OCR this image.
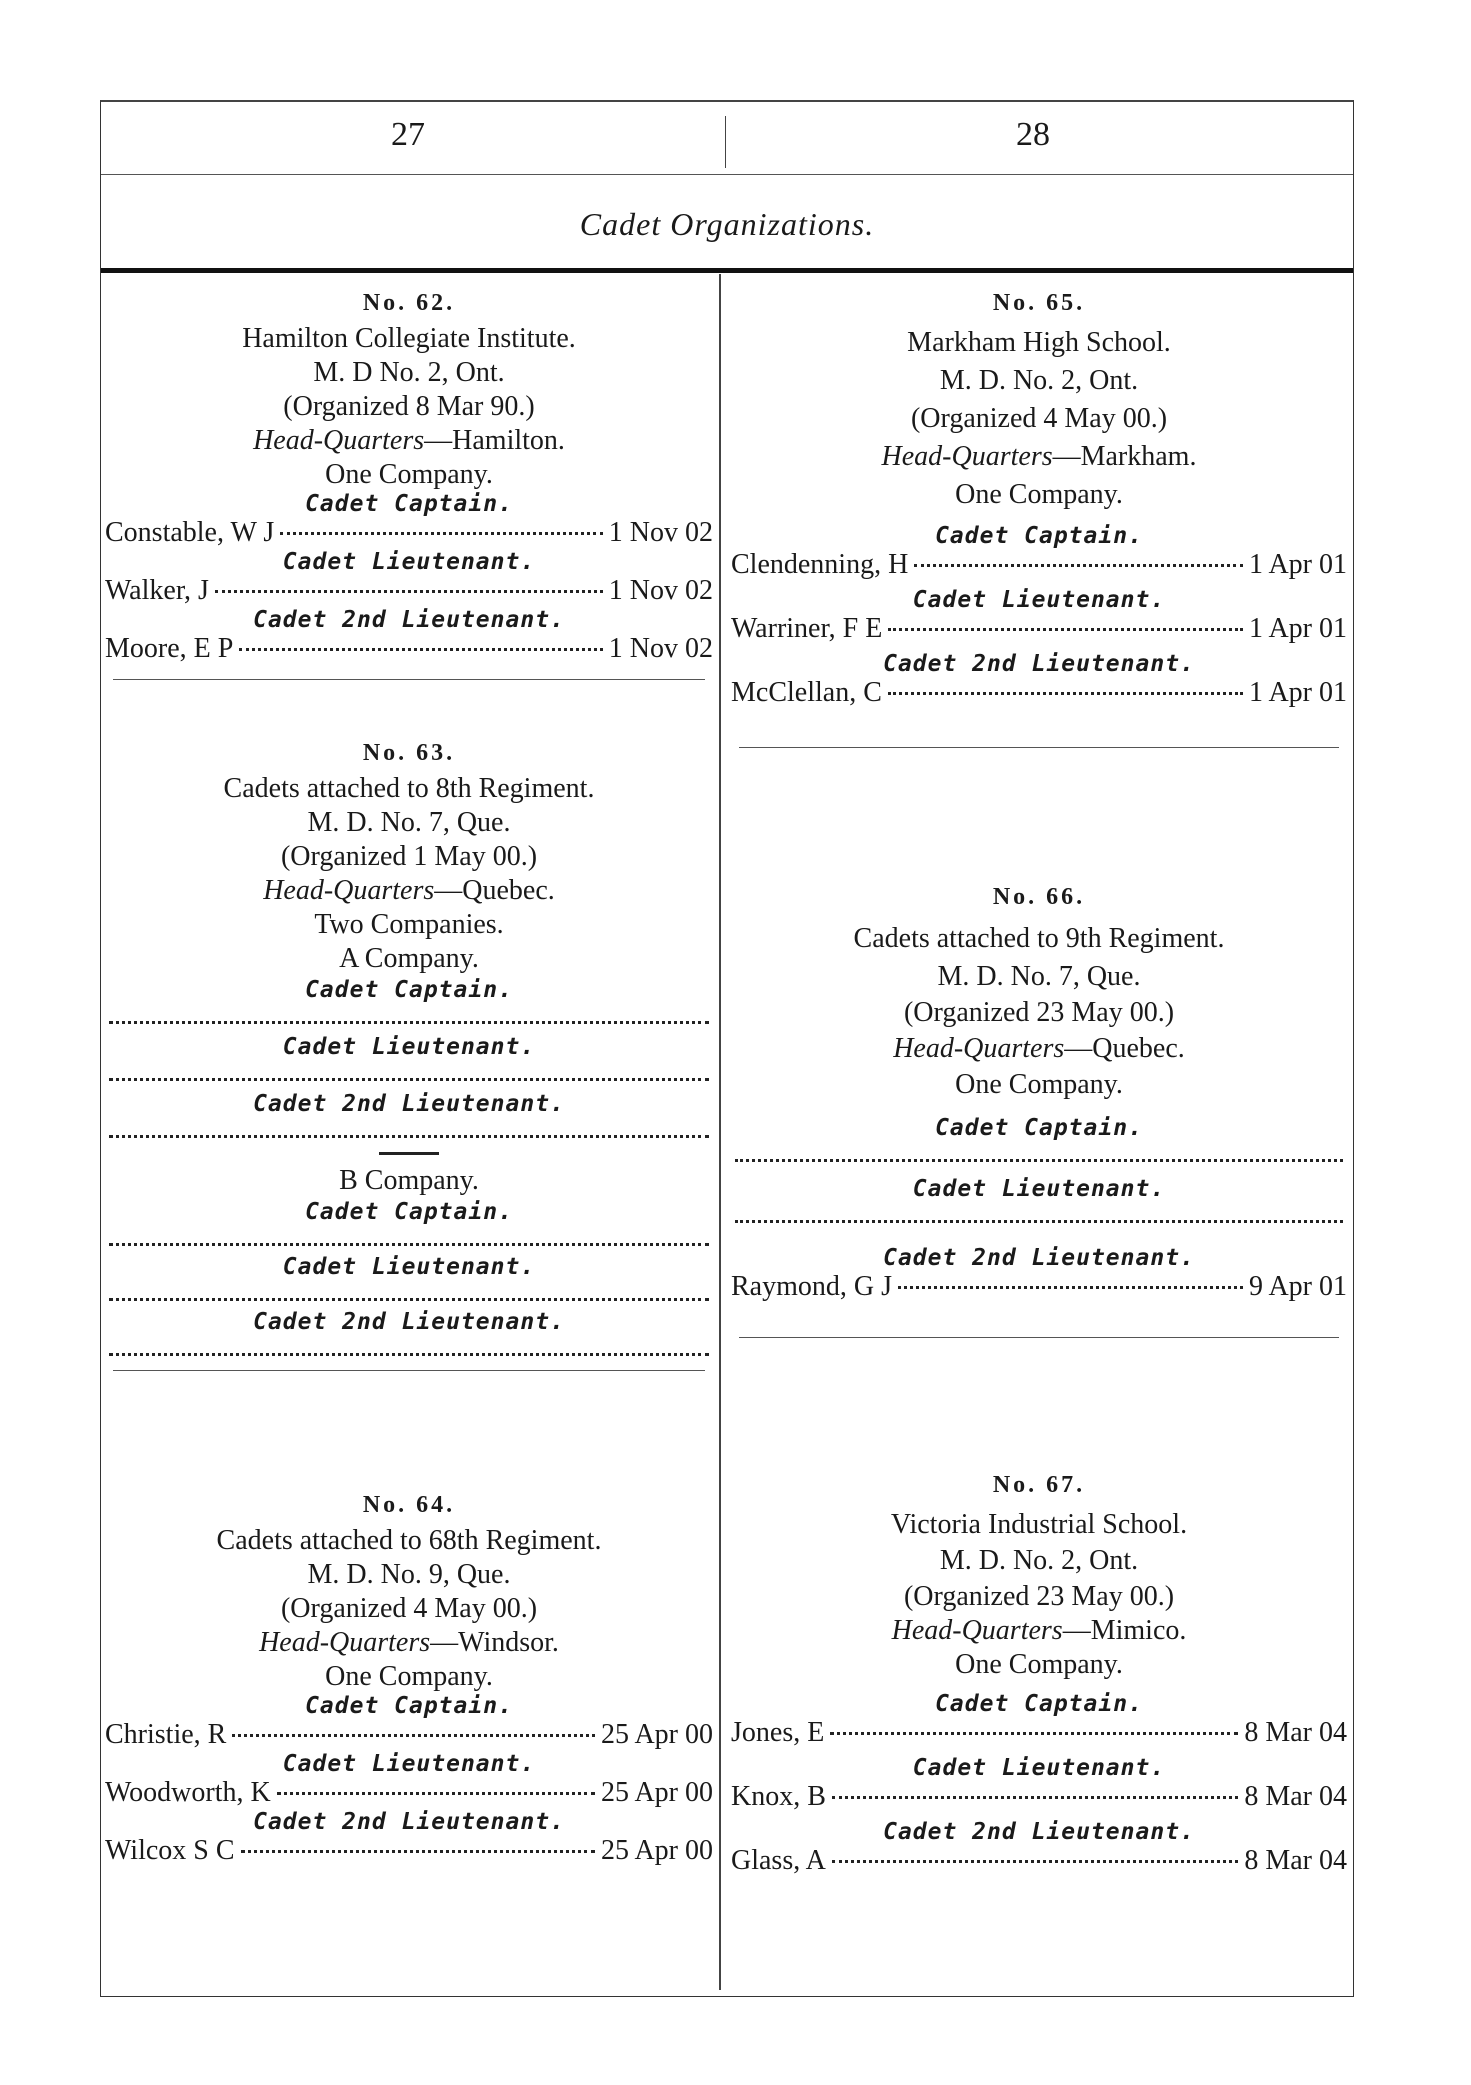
27	28
Cadet Organizations.
No. 62.
Hamilton Collegiate Institute.
M. D No. 2, Ont.
(Organized 8 Mar 90.)
Head-Quarters—Hamilton.
One Company.
Cadet Captain.
Constable, W J	1 Nov 02
Cadet Lieutenant.
Walker, J	1 Nov 02
Cadet 2nd Lieutenant.
Moore, E P	1 Nov 02
No. 63.
Cadets attached to 8th Regiment.
M. D. No. 7, Que.
(Organized 1 May 00.)
Head-Quarters—Quebec.
Two Companies.
A Company.
Cadet Captain.
Cadet Lieutenant.
Cadet 2nd Lieutenant.
B Company.
Cadet Captain.
Cadet Lieutenant.
Cadet 2nd Lieutenant.
No. 64.
Cadets attached to 68th Regiment.
M. D. No. 9, Que.
(Organized 4 May 00.)
Head-Quarters—Windsor.
One Company.
Cadet Captain.
Christie, R	25 Apr 00
Cadet Lieutenant.
Woodworth, K	25 Apr 00
Cadet 2nd Lieutenant.
Wilcox S C	25 Apr 00
No. 65.
Markham High School.
M. D. No. 2, Ont.
(Organized 4 May 00.)
Head-Quarters—Markham.
One Company.
Cadet Captain.
Clendenning, H	1 Apr 01
Cadet Lieutenant.
Warriner, F E	1 Apr 01
Cadet 2nd Lieutenant.
McClellan, C	1 Apr 01
No. 66.
Cadets attached to 9th Regiment.
M. D. No. 7, Que.
(Organized 23 May 00.)
Head-Quarters—Quebec.
One Company.
Cadet Captain.
Cadet Lieutenant.
Cadet 2nd Lieutenant.
Raymond, G J	9 Apr 01
No. 67.
Victoria Industrial School.
M. D. No. 2, Ont.
(Organized 23 May 00.)
Head-Quarters—Mimico.
One Company.
Cadet Captain.
Jones, E	8 Mar 04
Cadet Lieutenant.
Knox, B	8 Mar 04
Cadet 2nd Lieutenant.
Glass, A	8 Mar 04
